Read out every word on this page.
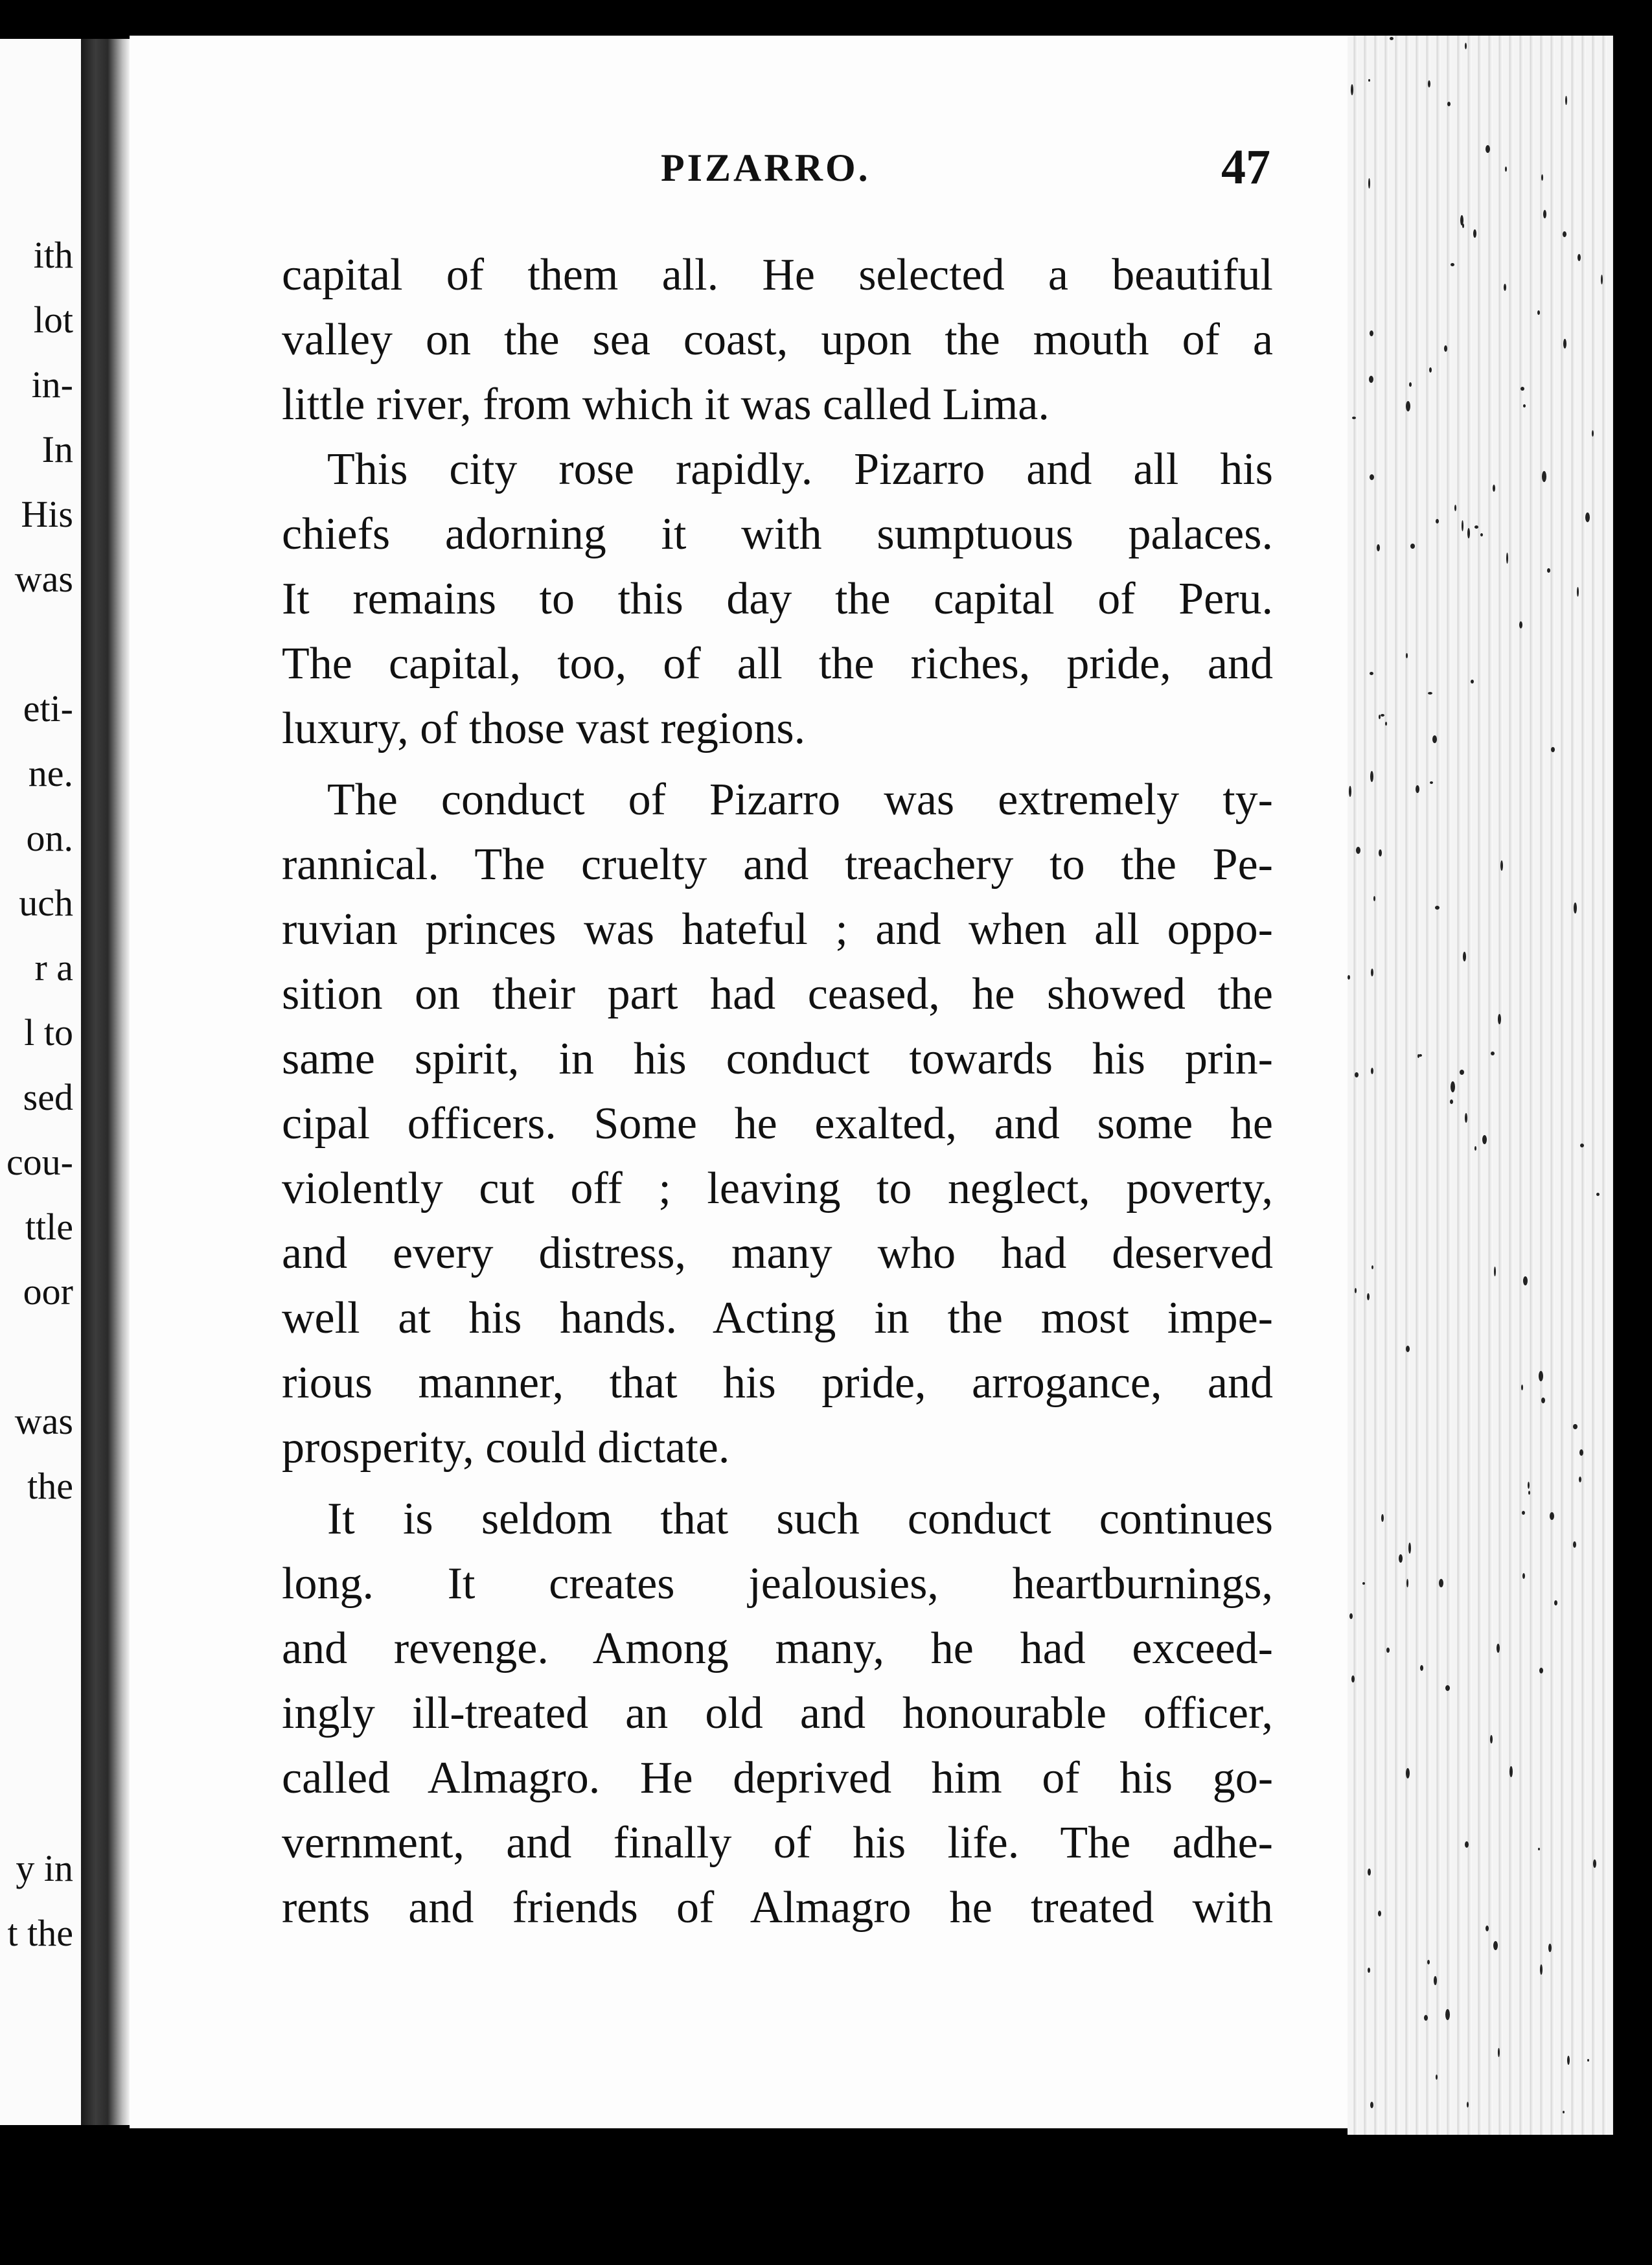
ith
lot
in-
In
His
was
eti-
ne.
on.
uch
r a
l to
sed
cou-
ttle
oor
was
the
y in
t the
PIZARRO.	47
capital of them all. He selected a beautiful
valley on the sea coast, upon the mouth of a
little river, from which it was called Lima.
This city rose rapidly. Pizarro and all his
chiefs adorning it with sumptuous palaces.
It remains to this day the capital of Peru.
The capital, too, of all the riches, pride, and
luxury, of those vast regions.
The conduct of Pizarro was extremely ty-
rannical. The cruelty and treachery to the Pe-
ruvian princes was hateful ; and when all oppo-
sition on their part had ceased, he showed the
same spirit, in his conduct towards his prin-
cipal officers. Some he exalted, and some he
violently cut off ; leaving to neglect, poverty,
and every distress, many who had deserved
well at his hands. Acting in the most impe-
rious manner, that his pride, arrogance, and
prosperity, could dictate.
It is seldom that such conduct continues
long. It creates jealousies, heartburnings,
and revenge. Among many, he had exceed-
ingly ill-treated an old and honourable officer,
called Almagro. He deprived him of his go-
vernment, and finally of his life. The adhe-
rents and friends of Almagro he treated with
